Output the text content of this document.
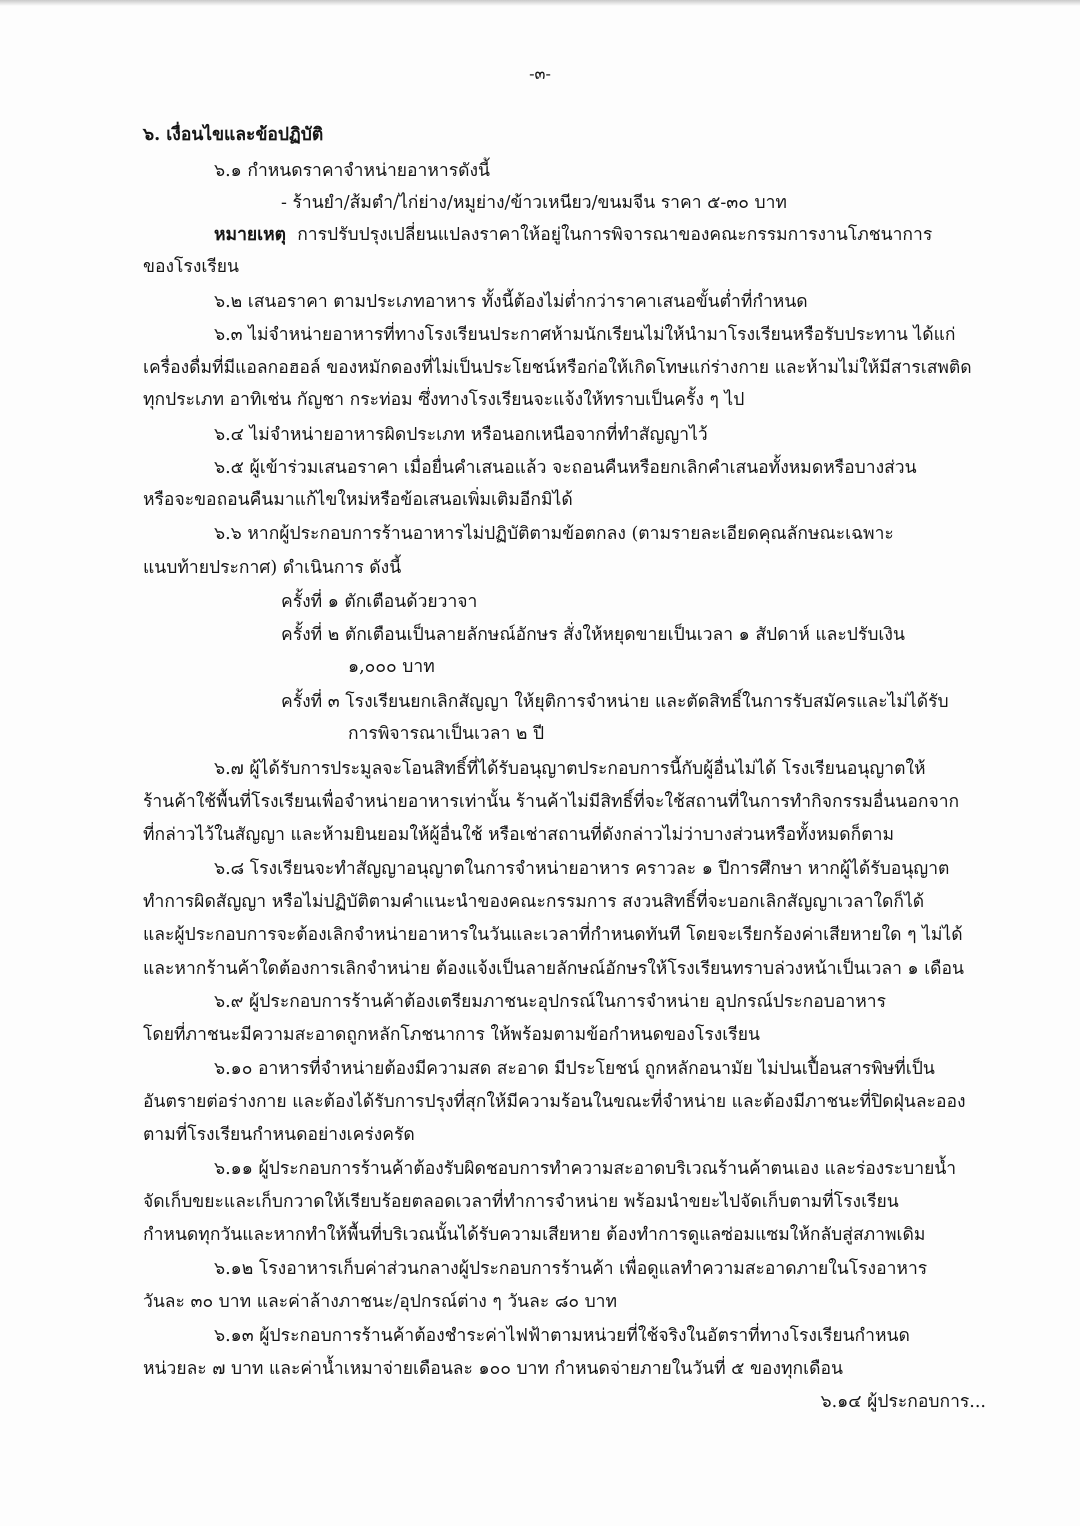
-๓-
๖. เงื่อนไขและข้อปฏิบัติ
๖.๑ กำหนดราคาจำหน่ายอาหารดังนี้
- ร้านยำ/ส้มตำ/ไก่ย่าง/หมูย่าง/ข้าวเหนียว/ขนมจีน ราคา ๕-๓๐ บาท
หมายเหตุ การปรับปรุงเปลี่ยนแปลงราคาให้อยู่ในการพิจารณาของคณะกรรมการงานโภชนาการ
ของโรงเรียน
๖.๒ เสนอราคา ตามประเภทอาหาร ทั้งนี้ต้องไม่ต่ำกว่าราคาเสนอขั้นต่ำที่กำหนด
๖.๓ ไม่จำหน่ายอาหารที่ทางโรงเรียนประกาศห้ามนักเรียนไม่ให้นำมาโรงเรียนหรือรับประทาน ได้แก่
เครื่องดื่มที่มีแอลกอฮอล์ ของหมักดองที่ไม่เป็นประโยชน์หรือก่อให้เกิดโทษแก่ร่างกาย และห้ามไม่ให้มีสารเสพติด
ทุกประเภท อาทิเช่น กัญชา กระท่อม ซึ่งทางโรงเรียนจะแจ้งให้ทราบเป็นครั้ง ๆ ไป
๖.๔ ไม่จำหน่ายอาหารผิดประเภท หรือนอกเหนือจากที่ทำสัญญาไว้
๖.๕ ผู้เข้าร่วมเสนอราคา เมื่อยื่นคำเสนอแล้ว จะถอนคืนหรือยกเลิกคำเสนอทั้งหมดหรือบางส่วน
หรือจะขอถอนคืนมาแก้ไขใหม่หรือข้อเสนอเพิ่มเติมอีกมิได้
๖.๖ หากผู้ประกอบการร้านอาหารไม่ปฏิบัติตามข้อตกลง (ตามรายละเอียดคุณลักษณะเฉพาะ
แนบท้ายประกาศ) ดำเนินการ ดังนี้
ครั้งที่ ๑ ตักเตือนด้วยวาจา
ครั้งที่ ๒ ตักเตือนเป็นลายลักษณ์อักษร สั่งให้หยุดขายเป็นเวลา ๑ สัปดาห์ และปรับเงิน
๑,๐๐๐ บาท
ครั้งที่ ๓ โรงเรียนยกเลิกสัญญา ให้ยุติการจำหน่าย และตัดสิทธิ์ในการรับสมัครและไม่ได้รับ
การพิจารณาเป็นเวลา ๒ ปี
๖.๗ ผู้ได้รับการประมูลจะโอนสิทธิ์ที่ได้รับอนุญาตประกอบการนี้กับผู้อื่นไม่ได้ โรงเรียนอนุญาตให้
ร้านค้าใช้พื้นที่โรงเรียนเพื่อจำหน่ายอาหารเท่านั้น ร้านค้าไม่มีสิทธิ์ที่จะใช้สถานที่ในการทำกิจกรรมอื่นนอกจาก
ที่กล่าวไว้ในสัญญา และห้ามยินยอมให้ผู้อื่นใช้ หรือเช่าสถานที่ดังกล่าวไม่ว่าบางส่วนหรือทั้งหมดก็ตาม
๖.๘ โรงเรียนจะทำสัญญาอนุญาตในการจำหน่ายอาหาร คราวละ ๑ ปีการศึกษา หากผู้ได้รับอนุญาต
ทำการผิดสัญญา หรือไม่ปฏิบัติตามคำแนะนำของคณะกรรมการ สงวนสิทธิ์ที่จะบอกเลิกสัญญาเวลาใดก็ได้
และผู้ประกอบการจะต้องเลิกจำหน่ายอาหารในวันและเวลาที่กำหนดทันที โดยจะเรียกร้องค่าเสียหายใด ๆ ไม่ได้
และหากร้านค้าใดต้องการเลิกจำหน่าย ต้องแจ้งเป็นลายลักษณ์อักษรให้โรงเรียนทราบล่วงหน้าเป็นเวลา ๑ เดือน
๖.๙ ผู้ประกอบการร้านค้าต้องเตรียมภาชนะอุปกรณ์ในการจำหน่าย อุปกรณ์ประกอบอาหาร
โดยที่ภาชนะมีความสะอาดถูกหลักโภชนาการ ให้พร้อมตามข้อกำหนดของโรงเรียน
๖.๑๐ อาหารที่จำหน่ายต้องมีความสด สะอาด มีประโยชน์ ถูกหลักอนามัย ไม่ปนเปื้อนสารพิษที่เป็น
อันตรายต่อร่างกาย และต้องได้รับการปรุงที่สุกให้มีความร้อนในขณะที่จำหน่าย และต้องมีภาชนะที่ปิดฝุ่นละออง
ตามที่โรงเรียนกำหนดอย่างเคร่งครัด
๖.๑๑ ผู้ประกอบการร้านค้าต้องรับผิดชอบการทำความสะอาดบริเวณร้านค้าตนเอง และร่องระบายน้ำ
จัดเก็บขยะและเก็บกวาดให้เรียบร้อยตลอดเวลาที่ทำการจำหน่าย พร้อมนำขยะไปจัดเก็บตามที่โรงเรียน
กำหนดทุกวันและหากทำให้พื้นที่บริเวณนั้นได้รับความเสียหาย ต้องทำการดูแลซ่อมแซมให้กลับสู่สภาพเดิม
๖.๑๒ โรงอาหารเก็บค่าส่วนกลางผู้ประกอบการร้านค้า เพื่อดูแลทำความสะอาดภายในโรงอาหาร
วันละ ๓๐ บาท และค่าล้างภาชนะ/อุปกรณ์ต่าง ๆ วันละ ๘๐ บาท
๖.๑๓ ผู้ประกอบการร้านค้าต้องชำระค่าไฟฟ้าตามหน่วยที่ใช้จริงในอัตราที่ทางโรงเรียนกำหนด
หน่วยละ ๗ บาท และค่าน้ำเหมาจ่ายเดือนละ ๑๐๐ บาท กำหนดจ่ายภายในวันที่ ๕ ของทุกเดือน
๖.๑๔ ผู้ประกอบการ...
